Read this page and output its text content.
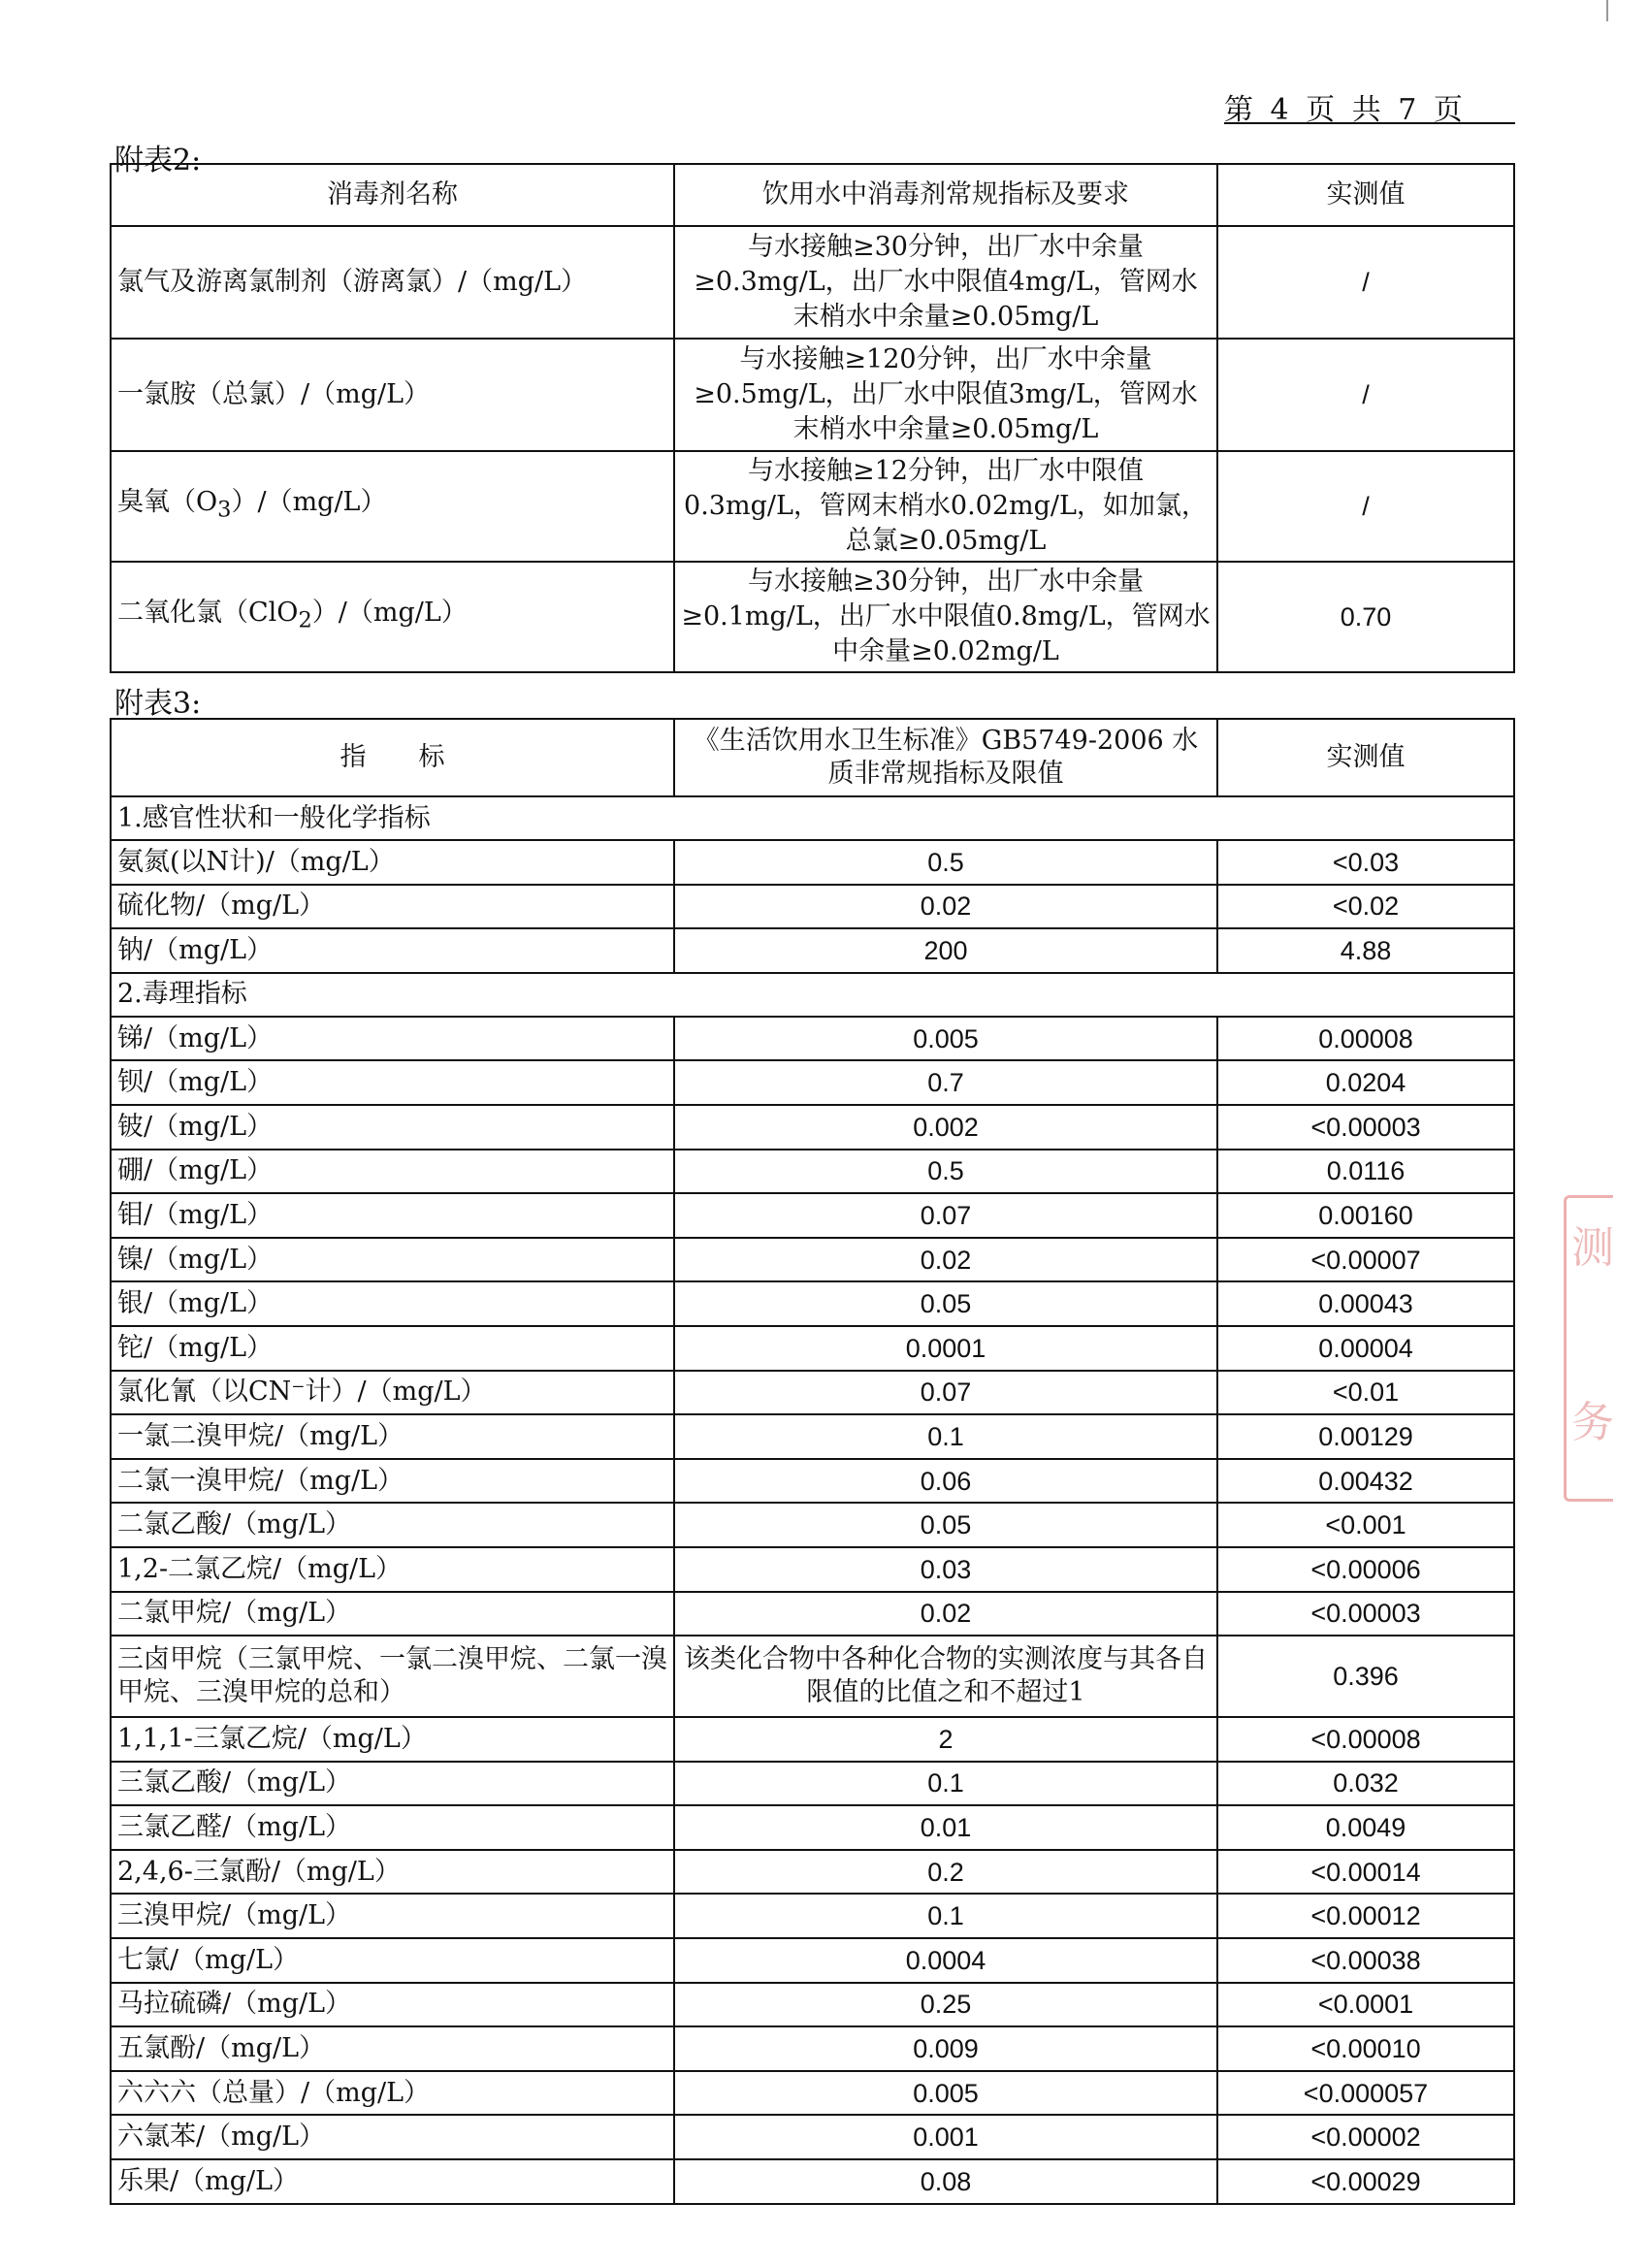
第 4 页 共 7 页
附表2:
消毒剂名称	饮用水中消毒剂常规指标及要求	实测值
氯气及游离氯制剂（游离氯）/（mg/L）	与水接触≥30分钟，出厂水中余量≥0.3mg/L，出厂水中限值4mg/L，管网水末梢水中余量≥0.05mg/L	/
一氯胺（总氯）/（mg/L）	与水接触≥120分钟，出厂水中余量≥0.5mg/L，出厂水中限值3mg/L，管网水末梢水中余量≥0.05mg/L	/
臭氧$(O_3)/(mg/L)$	与水接触≥12分钟，出厂水中限值0.3mg/L，管网末梢水0.02mg/L，如加氯，总氯≥0.05mg/L	/
二氧化氯（ClO$_2$）/（mg/L）	与水接触≥30分钟，出厂水中余量≥0.1mg/L，出厂水中限值0.8mg/L，管网水中余量≥0.02mg/L	0.70
附表3:
指　　标	《生活饮用水卫生标准》GB5749-2006 水质非常规指标及限值	实测值
1.感官性状和一般化学指标		
氨氮(以N计)/（mg/L）	0.5	<0.03
硫化物/（mg/L）	0.02	<0.02
钠/（mg/L）	200	4.88
2.毒理指标		
锑/（mg/L）	0.005	0.00008
钡/（mg/L）	0.7	0.0204
铍/（mg/L）	0.002	<0.00003
硼/（mg/L）	0.5	0.0116
钼/（mg/L）	0.07	0.00160
镍/（mg/L）	0.02	<0.00007
银/（mg/L）	0.05	0.00043
铊/（mg/L）	0.0001	0.00004
氯化氰（以CN⁻计）/（mg/L）	0.07	<0.01
一氯二溴甲烷/（mg/L）	0.1	0.00129
二氯一溴甲烷/（mg/L）	0.06	0.00432
二氯乙酸/（mg/L）	0.05	<0.001
1,2-二氯乙烷/（mg/L）	0.03	<0.00006
二氯甲烷/（mg/L）	0.02	<0.00003
三卤甲烷（三氯甲烷、一氯二溴甲烷、二氯一溴甲烷、三溴甲烷的总和）	该类化合物中各种化合物的实测浓度与其各自限值的比值之和不超过1	0.396
1,1,1-三氯乙烷/（mg/L）	2	<0.00008
三氯乙酸/（mg/L）	0.1	0.032
三氯乙醛/（mg/L）	0.01	0.0049
2,4,6-三氯酚/（mg/L）	0.2	<0.00014
三溴甲烷/（mg/L）	0.1	<0.00012
七氯/（mg/L）	0.0004	<0.00038
马拉硫磷/（mg/L）	0.25	<0.0001
五氯酚/（mg/L）	0.009	<0.00010
六六六（总量）/（mg/L）	0.005	<0.000057
六氯苯/（mg/L）	0.001	<0.00002
乐果/（mg/L）	0.08	<0.00029
测
务
